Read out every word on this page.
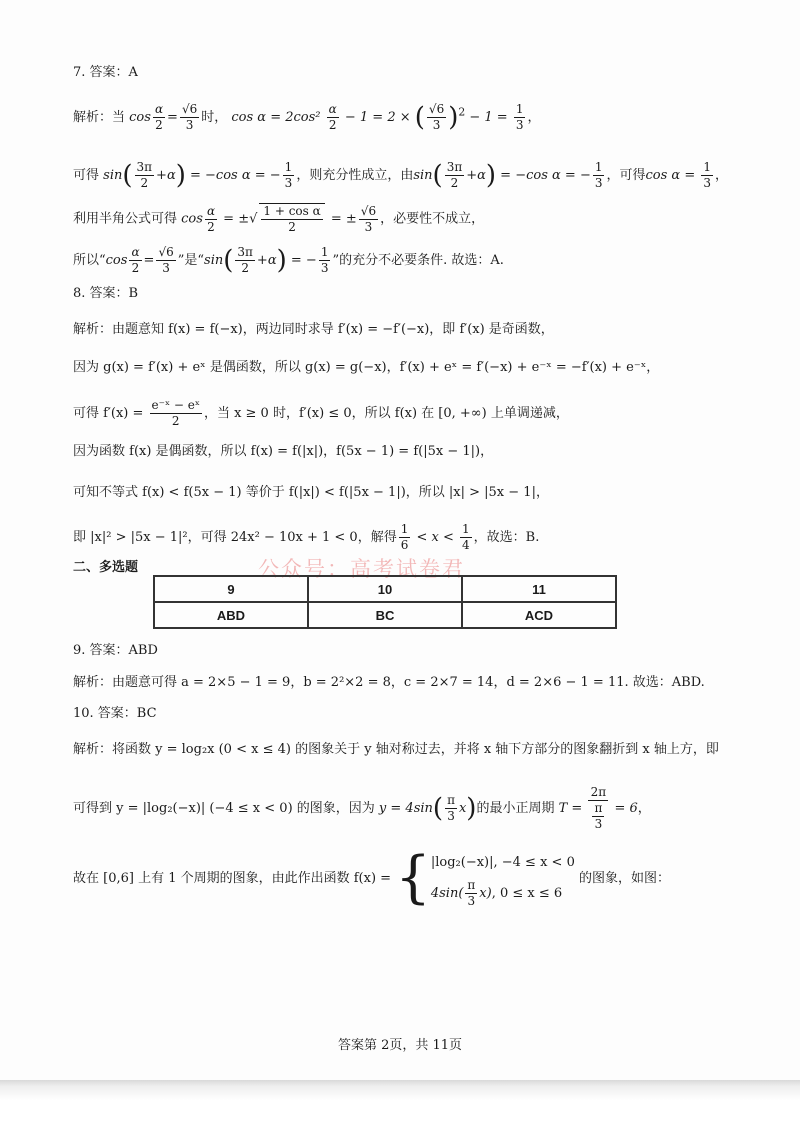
7. 答案：A
解析：当 $\cos \frac{\alpha}{2} = \frac{√6}{3}$ 时， $\cos \alpha = 2\cos^2 \frac{\alpha}{2} - 1 = 2$ × ( $\frac{√6}{3} )^2 - 1 = \frac{1}{3}$ ，
可得 $\sin( \frac{3\pi}{2} +\alpha) = -\cos$ α = − $\frac{1}{3}$ ，则充分性成立，由$\sin( \frac{3\pi}{2} +\alpha) = -\cos$ α = − $\frac{1}{3}$ ，可得$\cos \alpha = \frac{1}{3}$ ，
利用半角公式可得 $\cos \frac{\alpha}{2}$ = ±√ $\frac{\text{1 + cos α}}{2}$ = ± $\frac{√6}{3}$ ，必要性不成立，
所以“$\cos \frac{\alpha}{2} = \frac{√6}{3}$ ”是“$\sin( \frac{3\pi}{2} +\alpha)$ = − $\frac{1}{3}$ ”的充分不必要条件. 故选：A.
8. 答案：B
解析：由题意知 f(x) = f(−x)，两边同时求导 f′(x) = −f′(−x)，即 f′(x) 是奇函数，
因为 g(x) = f′(x) + eˣ 是偶函数，所以 g(x) = g(−x)，f′(x) + eˣ = f′(−x) + e⁻ˣ = −f′(x) + e⁻ˣ，
可得 $f'(x) = \frac{\text{e⁻ˣ − eˣ}}{2}$ ，当 x ≥ 0 时，f′(x) ≤ 0，所以 f(x) 在 [0, +∞) 上单调递减，
因为函数 f(x) 是偶函数，所以 f(x) = f(|x|)，f(5x − 1) = f(|5x − 1|)，
可知不等式 f(x) < f(5x − 1) 等价于 f(|x|) < f(|5x − 1|)，所以 |x| > |5x − 1|，
即 |x|² > |5x − 1|²，可得 24x² − 10x + 1 < 0，解得 $\frac{1}{6} < x < \frac{1}{4}$ ，故选：B.
二、多选题	公众号：高考试卷君
9	10	11
ABD	BC	ACD
9. 答案：ABD
解析：由题意可得 a = 2×5 − 1 = 9，b = 2²×2 = 8，c = 2×7 = 14，d = 2×6 − 1 = 11. 故选：ABD.
10. 答案：BC
解析：将函数 y = log₂x (0 < x ≤ 4) 的图象关于 y 轴对称过去，并将 x 轴下方部分的图象翻折到 x 轴上方，即
可得到 y = |log₂(−x)| (−4 ≤ x < 0) 的图象，因为 $y = 4\sin( \frac{\pi}{3} x)$的最小正周期 $T = \frac{2\pi}{\frac{\pi}{3}} = 6$，
故在 [0,6] 上有 1 个周期的图象，由此作出函数 f(x) = { |log₂(−x)|, −4 ≤ x < 0
$4\sin( \frac{\pi}{3} x)$, 0 ≤ x ≤ 6
的图象，如图：
答案第 2页，共 11页
